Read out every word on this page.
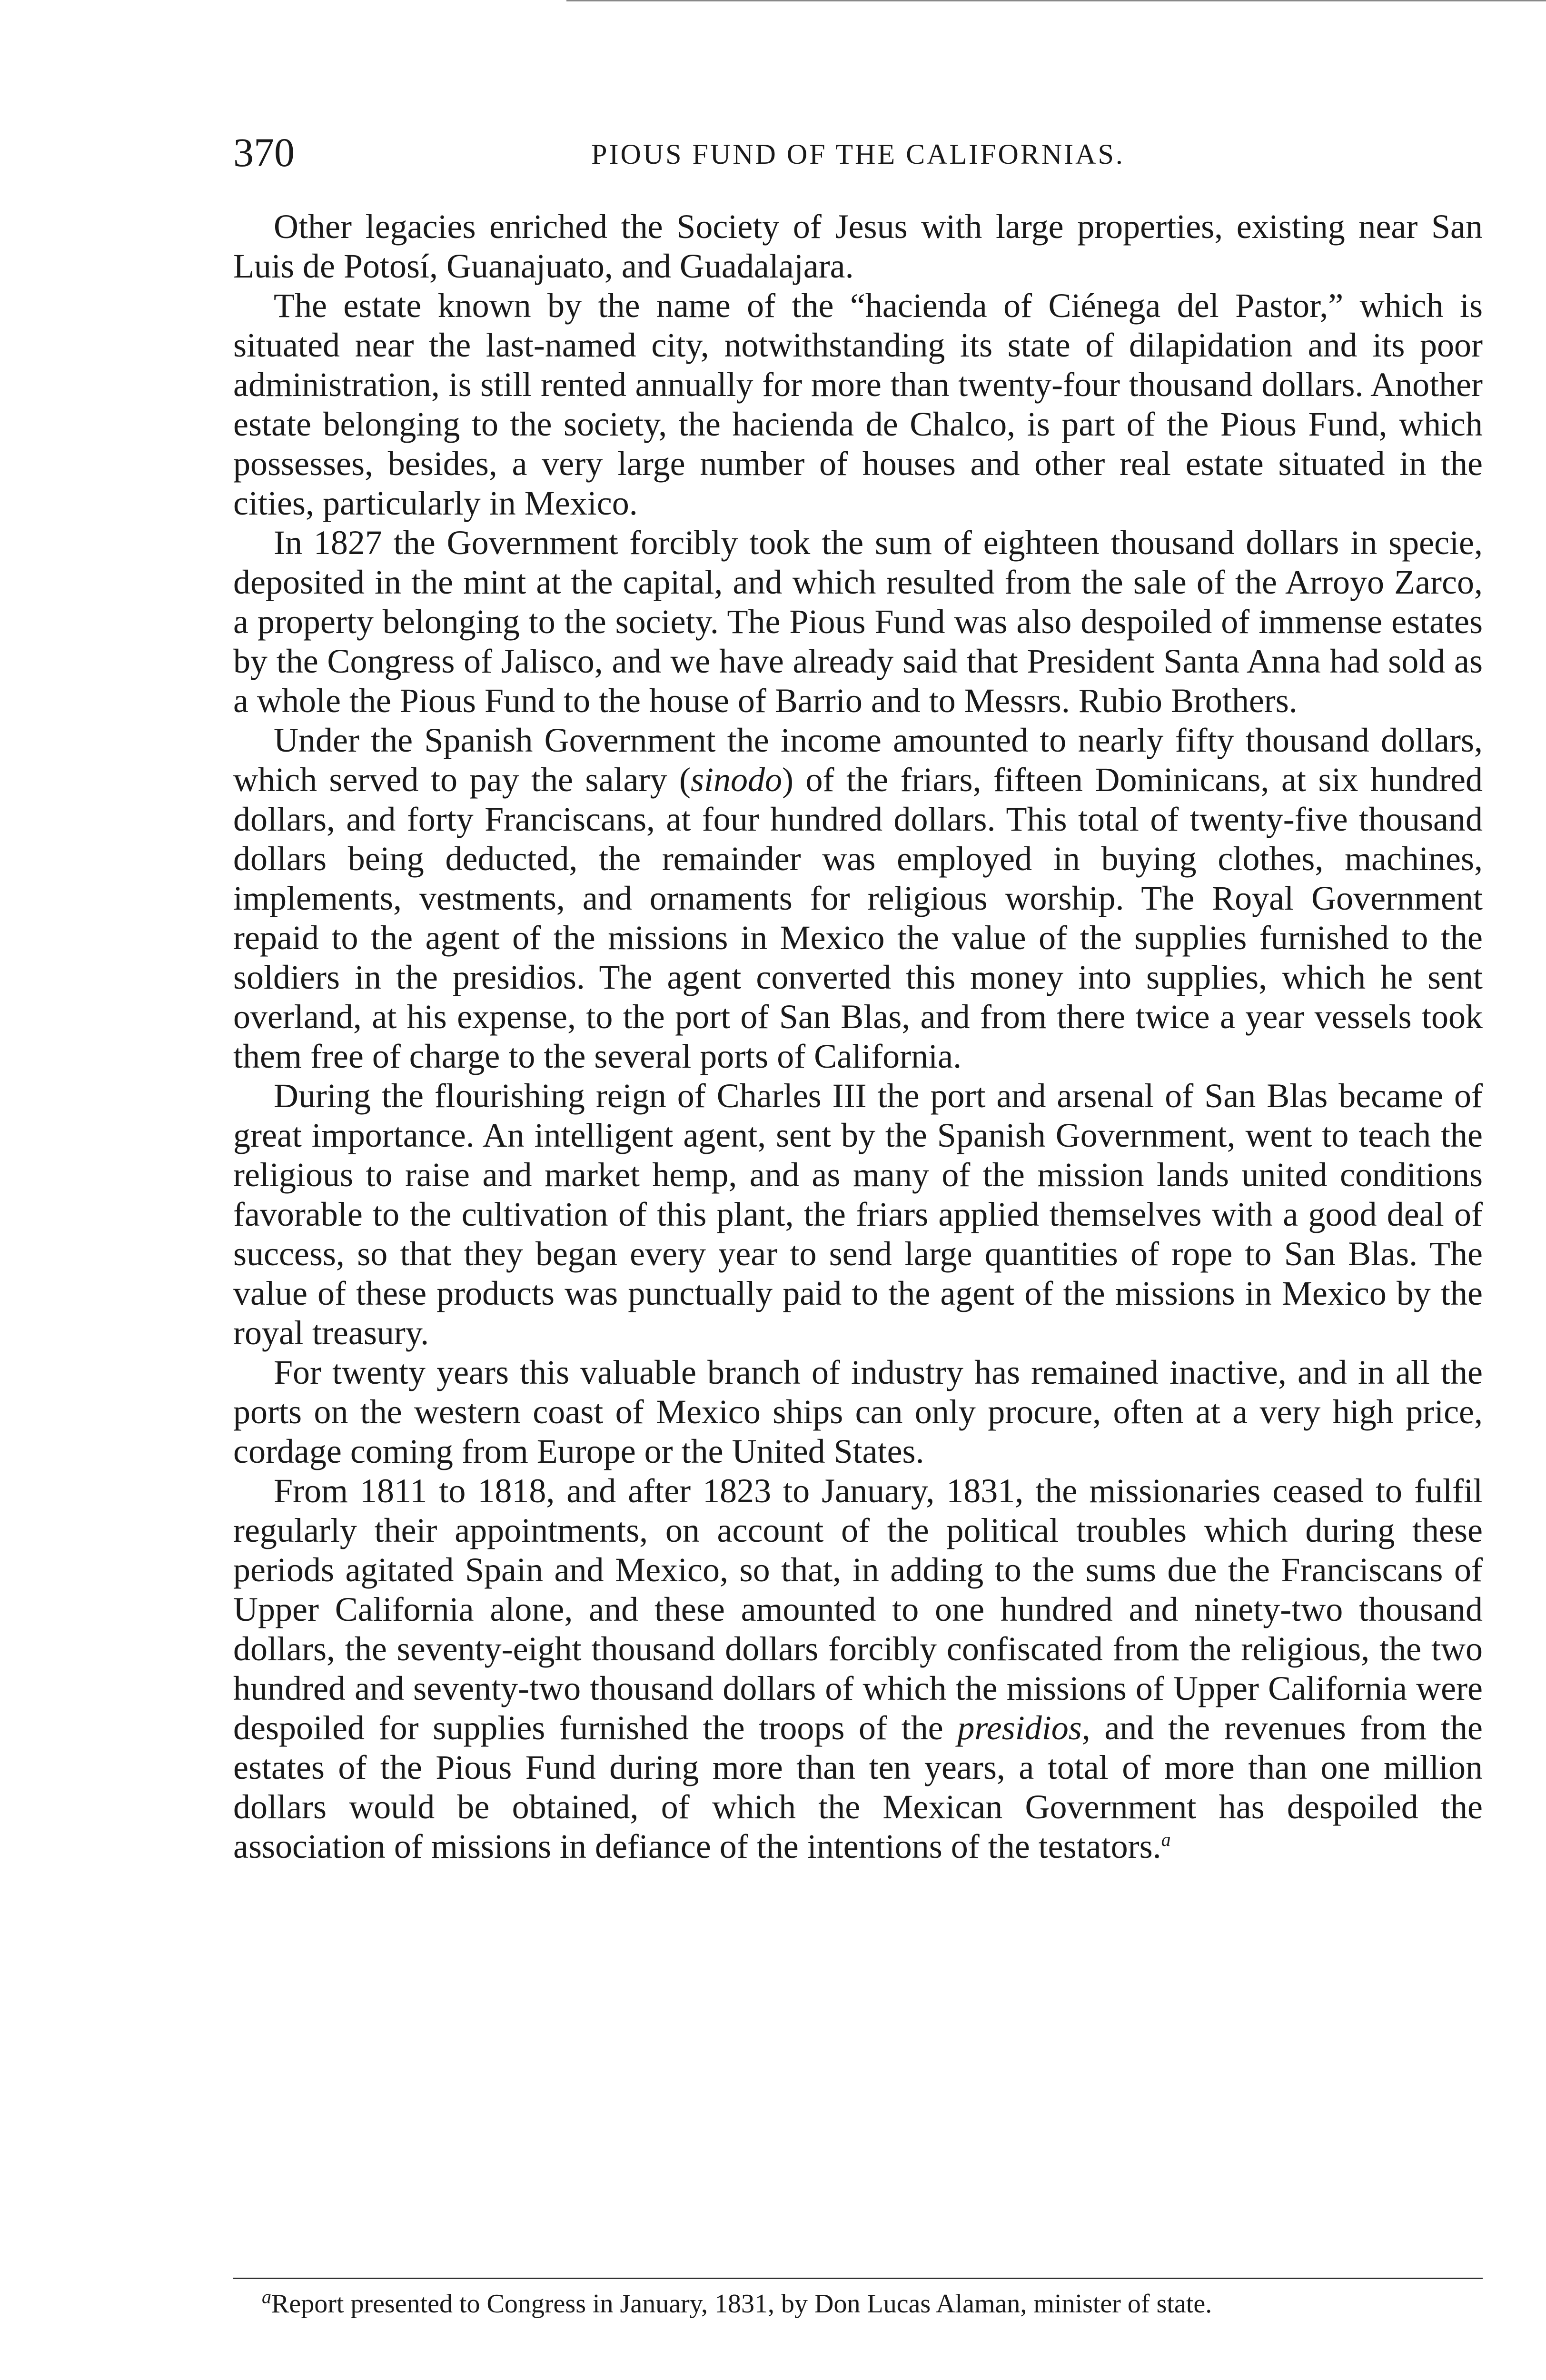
370	PIOUS FUND OF THE CALIFORNIAS.

Other legacies enriched the Society of Jesus with large properties, existing near San Luis de Potosí, Guanajuato, and Guadalajara.

The estate known by the name of the “hacienda of Ciénega del Pastor,” which is situated near the last-named city, notwithstanding its state of dilapidation and its poor administration, is still rented annually for more than twenty-four thousand dollars. Another estate belonging to the society, the hacienda de Chalco, is part of the Pious Fund, which possesses, besides, a very large number of houses and other real estate situated in the cities, particularly in Mexico.

In 1827 the Government forcibly took the sum of eighteen thousand dollars in specie, deposited in the mint at the capital, and which resulted from the sale of the Arroyo Zarco, a property belonging to the society. The Pious Fund was also despoiled of immense estates by the Congress of Jalisco, and we have already said that President Santa Anna had sold as a whole the Pious Fund to the house of Barrio and to Messrs. Rubio Brothers.

Under the Spanish Government the income amounted to nearly fifty thousand dollars, which served to pay the salary (sinodo) of the friars, fifteen Dominicans, at six hundred dollars, and forty Franciscans, at four hundred dollars. This total of twenty-five thousand dollars being deducted, the remainder was employed in buying clothes, machines, implements, vestments, and ornaments for religious worship. The Royal Government repaid to the agent of the missions in Mexico the value of the supplies furnished to the soldiers in the presidios. The agent converted this money into supplies, which he sent overland, at his expense, to the port of San Blas, and from there twice a year vessels took them free of charge to the several ports of California.

During the flourishing reign of Charles III the port and arsenal of San Blas became of great importance. An intelligent agent, sent by the Spanish Government, went to teach the religious to raise and market hemp, and as many of the mission lands united conditions favorable to the cultivation of this plant, the friars applied themselves with a good deal of success, so that they began every year to send large quantities of rope to San Blas. The value of these products was punctually paid to the agent of the missions in Mexico by the royal treasury.

For twenty years this valuable branch of industry has remained inactive, and in all the ports on the western coast of Mexico ships can only procure, often at a very high price, cordage coming from Europe or the United States.

From 1811 to 1818, and after 1823 to January, 1831, the missionaries ceased to fulfil regularly their appointments, on account of the political troubles which during these periods agitated Spain and Mexico, so that, in adding to the sums due the Franciscans of Upper California alone, and these amounted to one hundred and ninety-two thousand dollars, the seventy-eight thousand dollars forcibly confiscated from the religious, the two hundred and seventy-two thousand dollars of which the missions of Upper California were despoiled for supplies furnished the troops of the presidios, and the revenues from the estates of the Pious Fund during more than ten years, a total of more than one million dollars would be obtained, of which the Mexican Government has despoiled the association of missions in defiance of the intentions of the testators.$^a$

$^a$Report presented to Congress in January, 1831, by Don Lucas Alaman, minister of state.
